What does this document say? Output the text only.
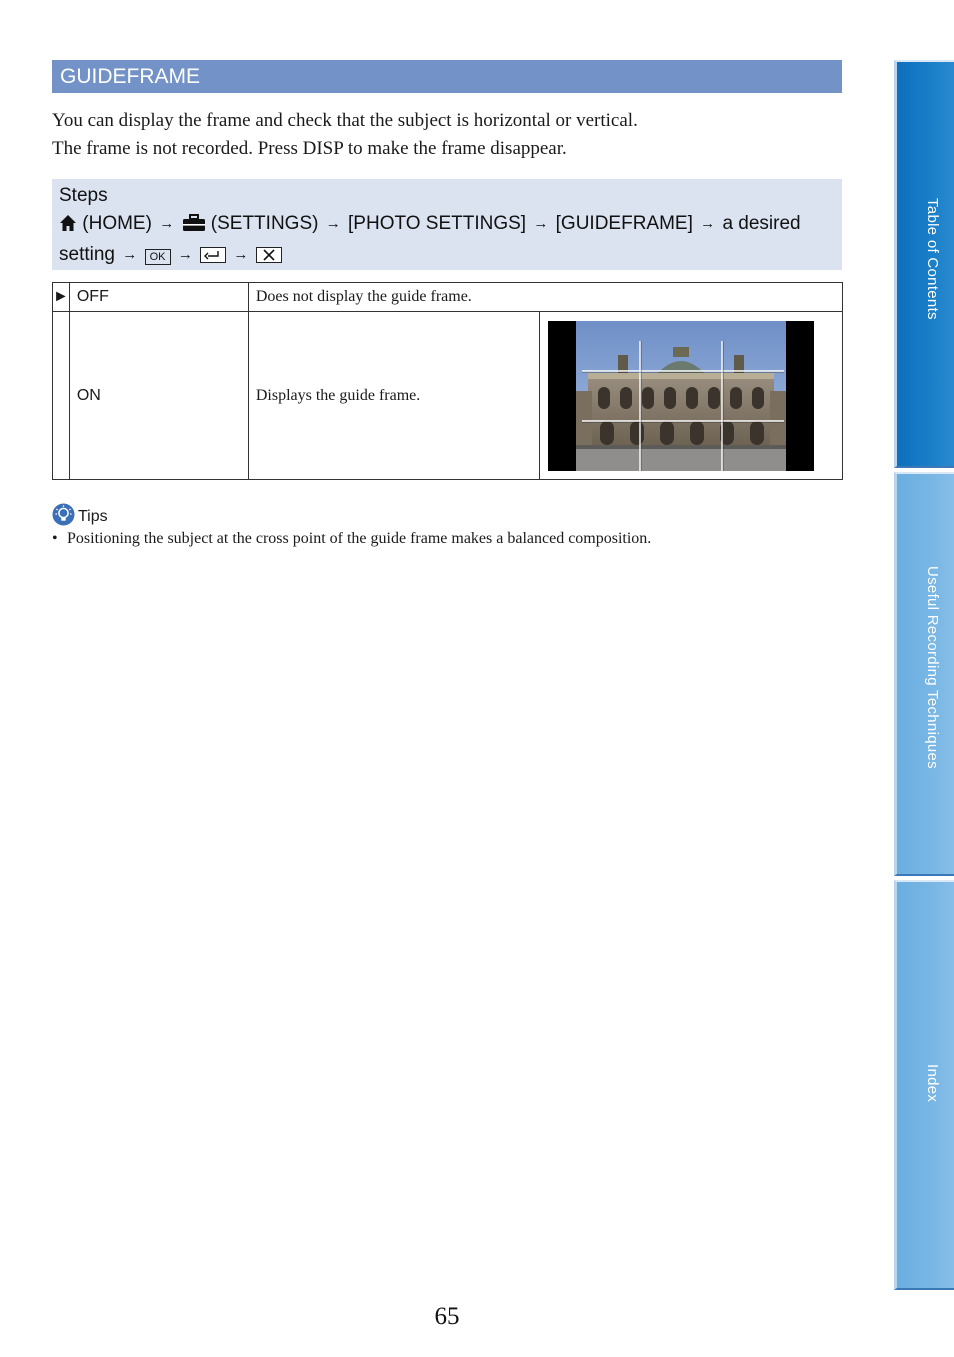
GUIDEFRAME

You can display the frame and check that the subject is horizontal or vertical.

The frame is not recorded. Press DISP to make the frame disappear.

Steps
(HOME) → (SETTINGS) → [PHOTO SETTINGS] → [GUIDEFRAME] → a desired
setting → OK →	→
►	OFF	Does not display the guide frame.	
	ON	Displays the guide frame.	
Tips
• Positioning the subject at the cross point of the guide frame makes a balanced composition.
Table of Contents
Useful Recording Techniques
Index
65
